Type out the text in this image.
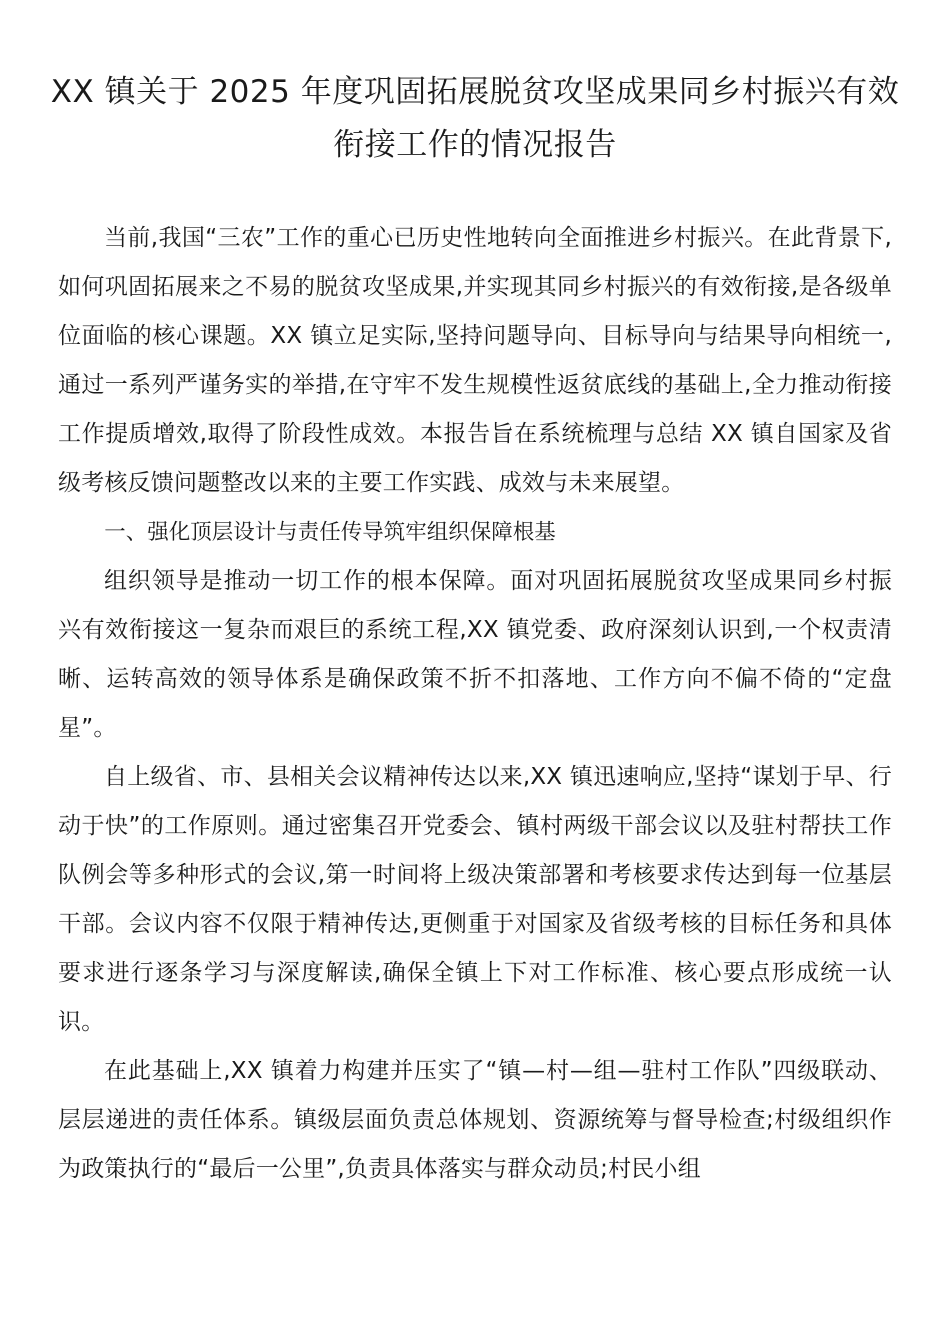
XX 镇关于 2025 年度巩固拓展脱贫攻坚成果同乡村振兴有效衔接工作的情况报告

当前,我国“三农”工作的重心已历史性地转向全面推进乡村振兴。在此背景下,如何巩固拓展来之不易的脱贫攻坚成果,并实现其同乡村振兴的有效衔接,是各级单位面临的核心课题。XX 镇立足实际,坚持问题导向、目标导向与结果导向相统一,通过一系列严谨务实的举措,在守牢不发生规模性返贫底线的基础上,全力推动衔接工作提质增效,取得了阶段性成效。本报告旨在系统梳理与总结 XX 镇自国家及省级考核反馈问题整改以来的主要工作实践、成效与未来展望。

一、强化顶层设计与责任传导筑牢组织保障根基

组织领导是推动一切工作的根本保障。面对巩固拓展脱贫攻坚成果同乡村振兴有效衔接这一复杂而艰巨的系统工程,XX 镇党委、政府深刻认识到,一个权责清晰、运转高效的领导体系是确保政策不折不扣落地、工作方向不偏不倚的“定盘星”。

自上级省、市、县相关会议精神传达以来,XX 镇迅速响应,坚持“谋划于早、行动于快”的工作原则。通过密集召开党委会、镇村两级干部会议以及驻村帮扶工作队例会等多种形式的会议,第一时间将上级决策部署和考核要求传达到每一位基层干部。会议内容不仅限于精神传达,更侧重于对国家及省级考核的目标任务和具体要求进行逐条学习与深度解读,确保全镇上下对工作标准、核心要点形成统一认识。

在此基础上,XX 镇着力构建并压实了“镇—村—组—驻村工作队”四级联动、层层递进的责任体系。镇级层面负责总体规划、资源统筹与督导检查;村级组织作为政策执行的“最后一公里”,负责具体落实与群众动员;村民小组
